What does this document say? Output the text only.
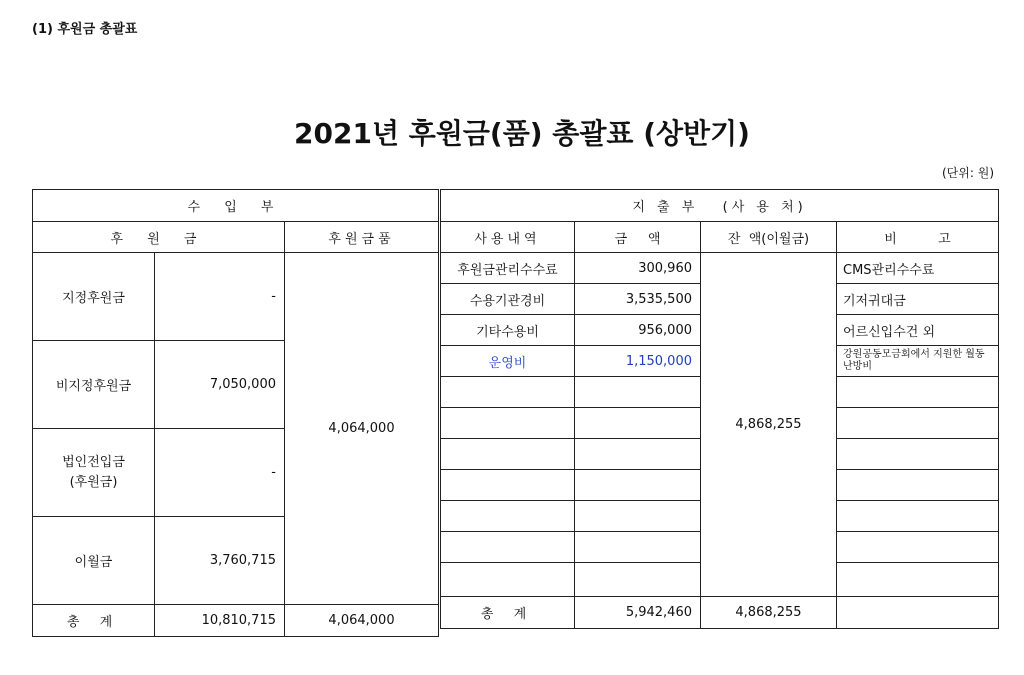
(1) 후원금 총괄표
2021년 후원금(품) 총괄표 (상반기)
(단위: 원)
수 입 부		
후 원 금		후원금품
지정후원금	-	4,064,000
비지정후원금	7,050,000	

법인전입금
(후원금)	-	
이월금	3,760,715	
총 계	10,810,715	4,064,000
지 출 부   (사 용 처)			
사용내역	금     액	잔  액(이월금)	비          고
후원금관리수수료	300,960	4,868,255	CMS관리수수료
수용기관경비	3,535,500		기저귀대금
기타수용비	956,000		어르신입수건 외
운영비	1,150,000		강원공동모금회에서 지원한 월동난방비

총 계	5,942,460	4,868,255	
